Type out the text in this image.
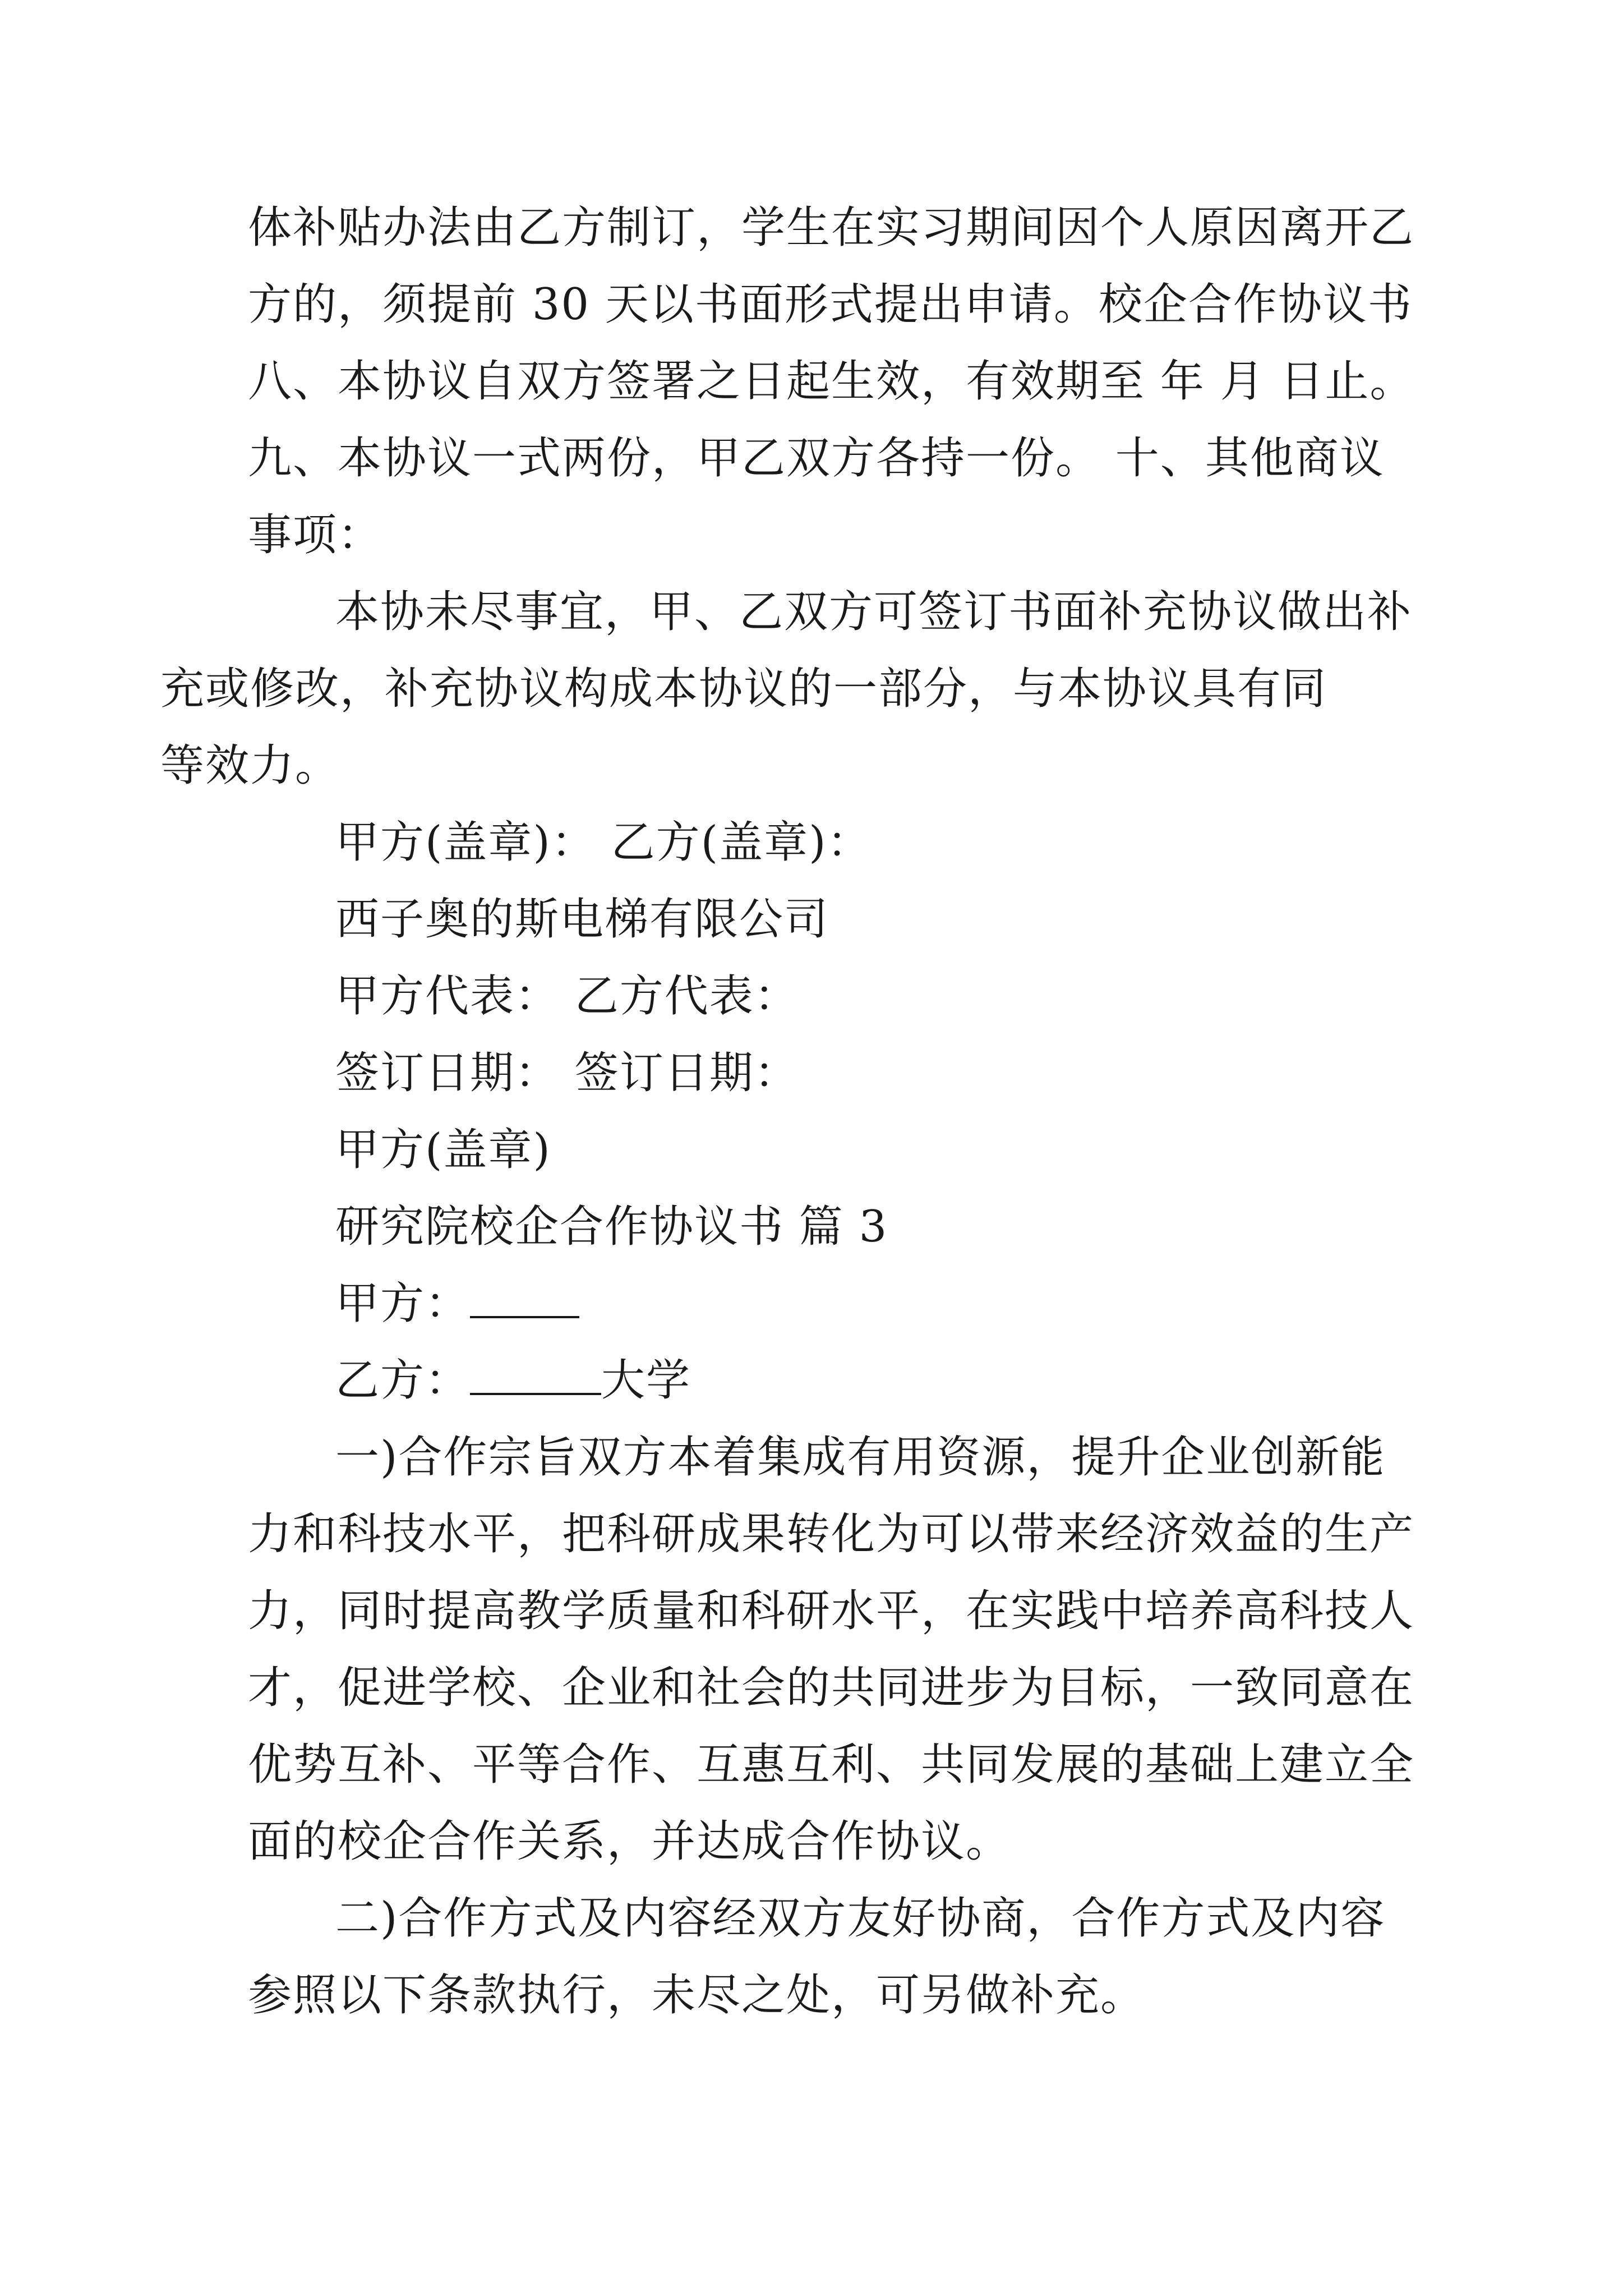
体补贴办法由乙方制订，学生在实习期间因个人原因离开乙
方的，须提前 30 天以书面形式提出申请。校企合作协议书
八、本协议自双方签署之日起生效，有效期至 年 月 日止。
九、本协议一式两份，甲乙双方各持一份。 十、其他商议
事项：

本协未尽事宜，甲、乙双方可签订书面补充协议做出补
充或修改，补充协议构成本协议的一部分，与本协议具有同
等效力。

甲方(盖章)： 乙方(盖章)：

西子奥的斯电梯有限公司

甲方代表： 乙方代表：

签订日期： 签订日期：

甲方(盖章)

研究院校企合作协议书 篇 3

甲方：

乙方：	大学

一)合作宗旨双方本着集成有用资源，提升企业创新能
力和科技水平，把科研成果转化为可以带来经济效益的生产
力，同时提高教学质量和科研水平，在实践中培养高科技人
才，促进学校、企业和社会的共同进步为目标，一致同意在
优势互补、平等合作、互惠互利、共同发展的基础上建立全
面的校企合作关系，并达成合作协议。

二)合作方式及内容经双方友好协商，合作方式及内容
参照以下条款执行，未尽之处，可另做补充。
